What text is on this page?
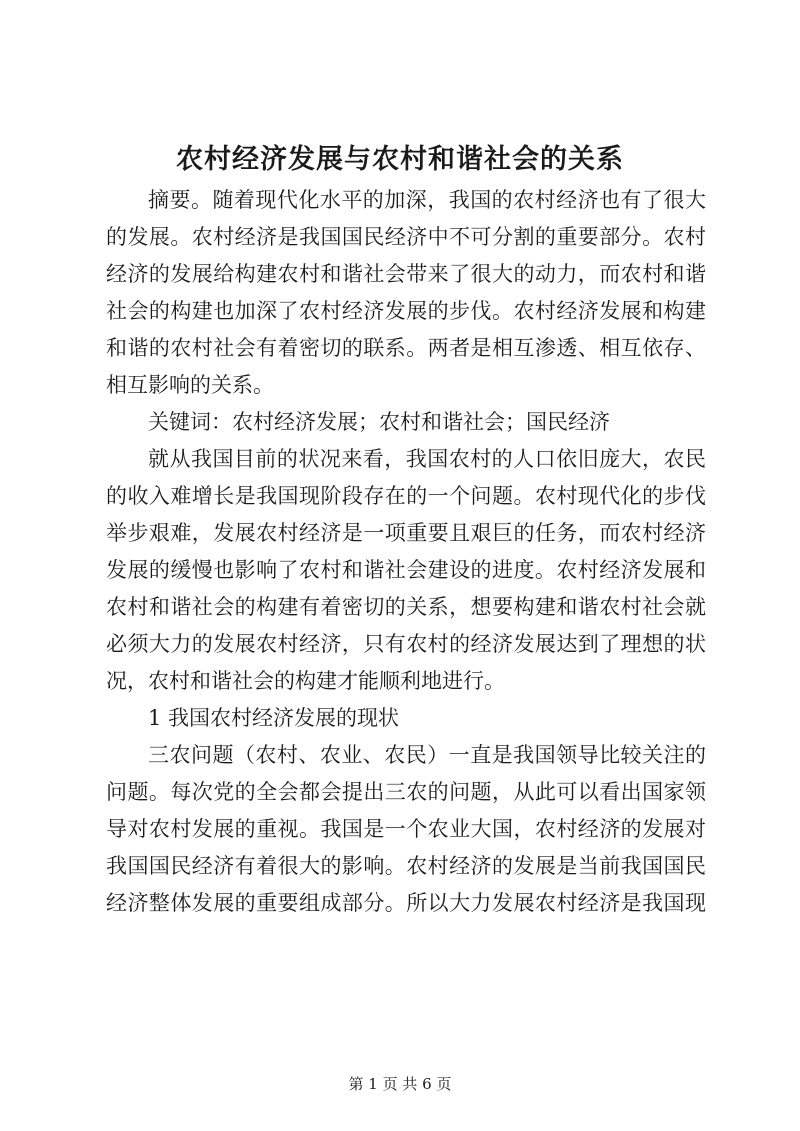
农村经济发展与农村和谐社会的关系
摘要。随着现代化水平的加深，我国的农村经济也有了很大
的发展。农村经济是我国国民经济中不可分割的重要部分。农村
经济的发展给构建农村和谐社会带来了很大的动力，而农村和谐
社会的构建也加深了农村经济发展的步伐。农村经济发展和构建
和谐的农村社会有着密切的联系。两者是相互渗透、相互依存、
相互影响的关系。
关键词：农村经济发展；农村和谐社会；国民经济
就从我国目前的状况来看，我国农村的人口依旧庞大，农民
的收入难增长是我国现阶段存在的一个问题。农村现代化的步伐
举步艰难，发展农村经济是一项重要且艰巨的任务，而农村经济
发展的缓慢也影响了农村和谐社会建设的进度。农村经济发展和
农村和谐社会的构建有着密切的关系，想要构建和谐农村社会就
必须大力的发展农村经济，只有农村的经济发展达到了理想的状
况，农村和谐社会的构建才能顺利地进行。
1 我国农村经济发展的现状
三农问题（农村、农业、农民）一直是我国领导比较关注的
问题。每次党的全会都会提出三农的问题，从此可以看出国家领
导对农村发展的重视。我国是一个农业大国，农村经济的发展对
我国国民经济有着很大的影响。农村经济的发展是当前我国国民
经济整体发展的重要组成部分。所以大力发展农村经济是我国现
第 1 页 共 6 页
